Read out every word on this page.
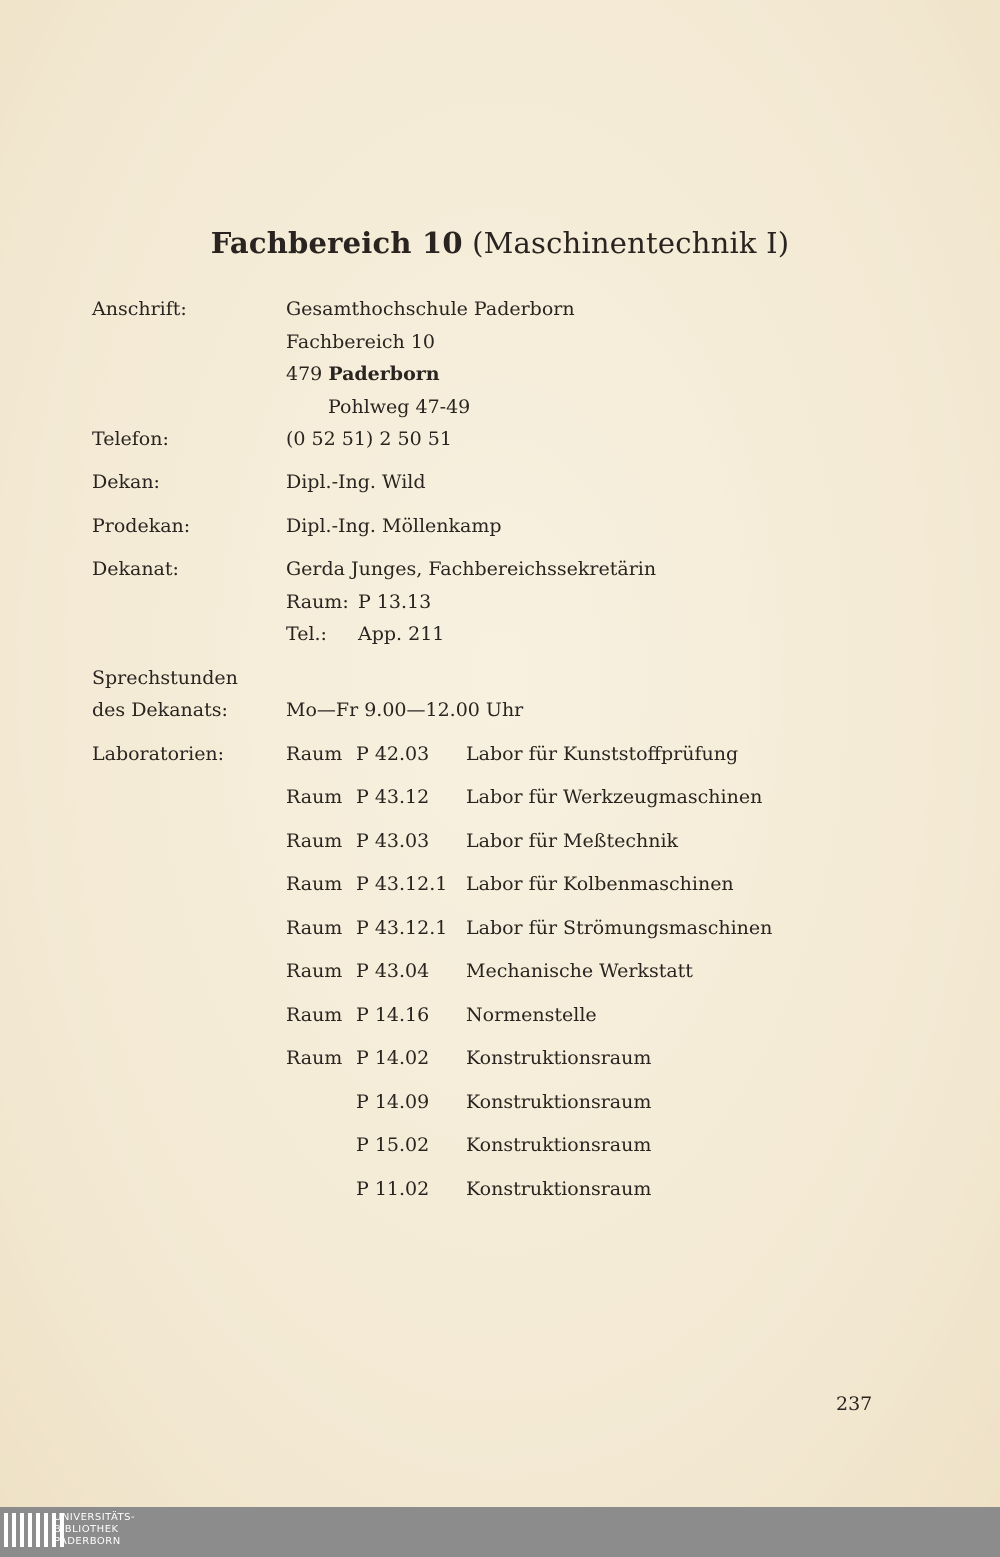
Fachbereich 10 (Maschinentechnik I)
Anschrift:	Gesamthochschule Paderborn
Fachbereich 10
479 Paderborn
Pohlweg 47-49
Telefon:	(0 52 51) 2 50 51
Dekan:	Dipl.-Ing. Wild
Prodekan:	Dipl.-Ing. Möllenkamp
Dekanat:	Gerda Junges, Fachbereichssekretärin
Raum: P 13.13
Tel.: App. 211
Sprechstunden
des Dekanats:	Mo—Fr 9.00—12.00 Uhr
Laboratorien:	Raum P 42.03 Labor für Kunststoffprüfung
Raum P 43.12 Labor für Werkzeugmaschinen
Raum P 43.03 Labor für Meßtechnik
Raum P 43.12.1 Labor für Kolbenmaschinen
Raum P 43.12.1 Labor für Strömungsmaschinen
Raum P 43.04 Mechanische Werkstatt
Raum P 14.16 Normenstelle
Raum P 14.02 Konstruktionsraum
P 14.09 Konstruktionsraum
P 15.02 Konstruktionsraum
P 11.02 Konstruktionsraum
237
UNIVERSITÄTS-
BIBLIOTHEK
PADERBORN
